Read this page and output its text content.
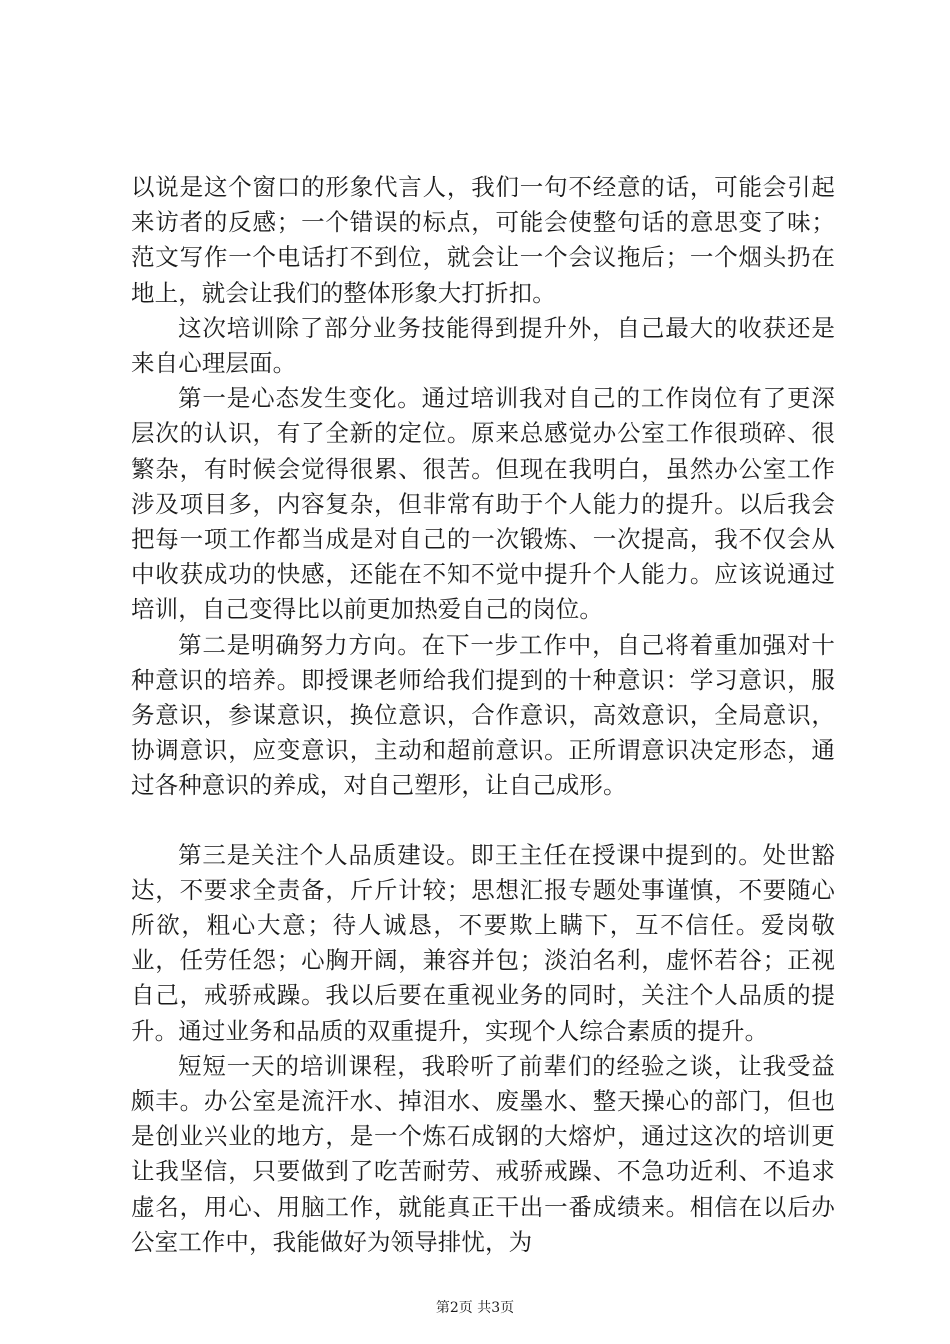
以说是这个窗口的形象代言人，我们一句不经意的话，可能会引起来访者的反感；一个错误的标点，可能会使整句话的意思变了味；范文写作一个电话打不到位，就会让一个会议拖后；一个烟头扔在地上，就会让我们的整体形象大打折扣。

这次培训除了部分业务技能得到提升外，自己最大的收获还是来自心理层面。

第一是心态发生变化。通过培训我对自己的工作岗位有了更深层次的认识，有了全新的定位。原来总感觉办公室工作很琐碎、很繁杂，有时候会觉得很累、很苦。但现在我明白，虽然办公室工作涉及项目多，内容复杂，但非常有助于个人能力的提升。以后我会把每一项工作都当成是对自己的一次锻炼、一次提高，我不仅会从中收获成功的快感，还能在不知不觉中提升个人能力。应该说通过培训，自己变得比以前更加热爱自己的岗位。

第二是明确努力方向。在下一步工作中，自己将着重加强对十种意识的培养。即授课老师给我们提到的十种意识：学习意识，服务意识，参谋意识，换位意识，合作意识，高效意识，全局意识，协调意识，应变意识，主动和超前意识。正所谓意识决定形态，通过各种意识的养成，对自己塑形，让自己成形。

第三是关注个人品质建设。即王主任在授课中提到的。处世豁达，不要求全责备，斤斤计较；思想汇报专题处事谨慎，不要随心所欲，粗心大意；待人诚恳，不要欺上瞒下，互不信任。爱岗敬业，任劳任怨；心胸开阔，兼容并包；淡泊名利，虚怀若谷；正视自己，戒骄戒躁。我以后要在重视业务的同时，关注个人品质的提升。通过业务和品质的双重提升，实现个人综合素质的提升。

短短一天的培训课程，我聆听了前辈们的经验之谈，让我受益颇丰。办公室是流汗水、掉泪水、废墨水、整天操心的部门，但也是创业兴业的地方，是一个炼石成钢的大熔炉，通过这次的培训更让我坚信，只要做到了吃苦耐劳、戒骄戒躁、不急功近利、不追求虚名，用心、用脑工作，就能真正干出一番成绩来。相信在以后办公室工作中，我能做好为领导排忧，为

第2页 共3页
